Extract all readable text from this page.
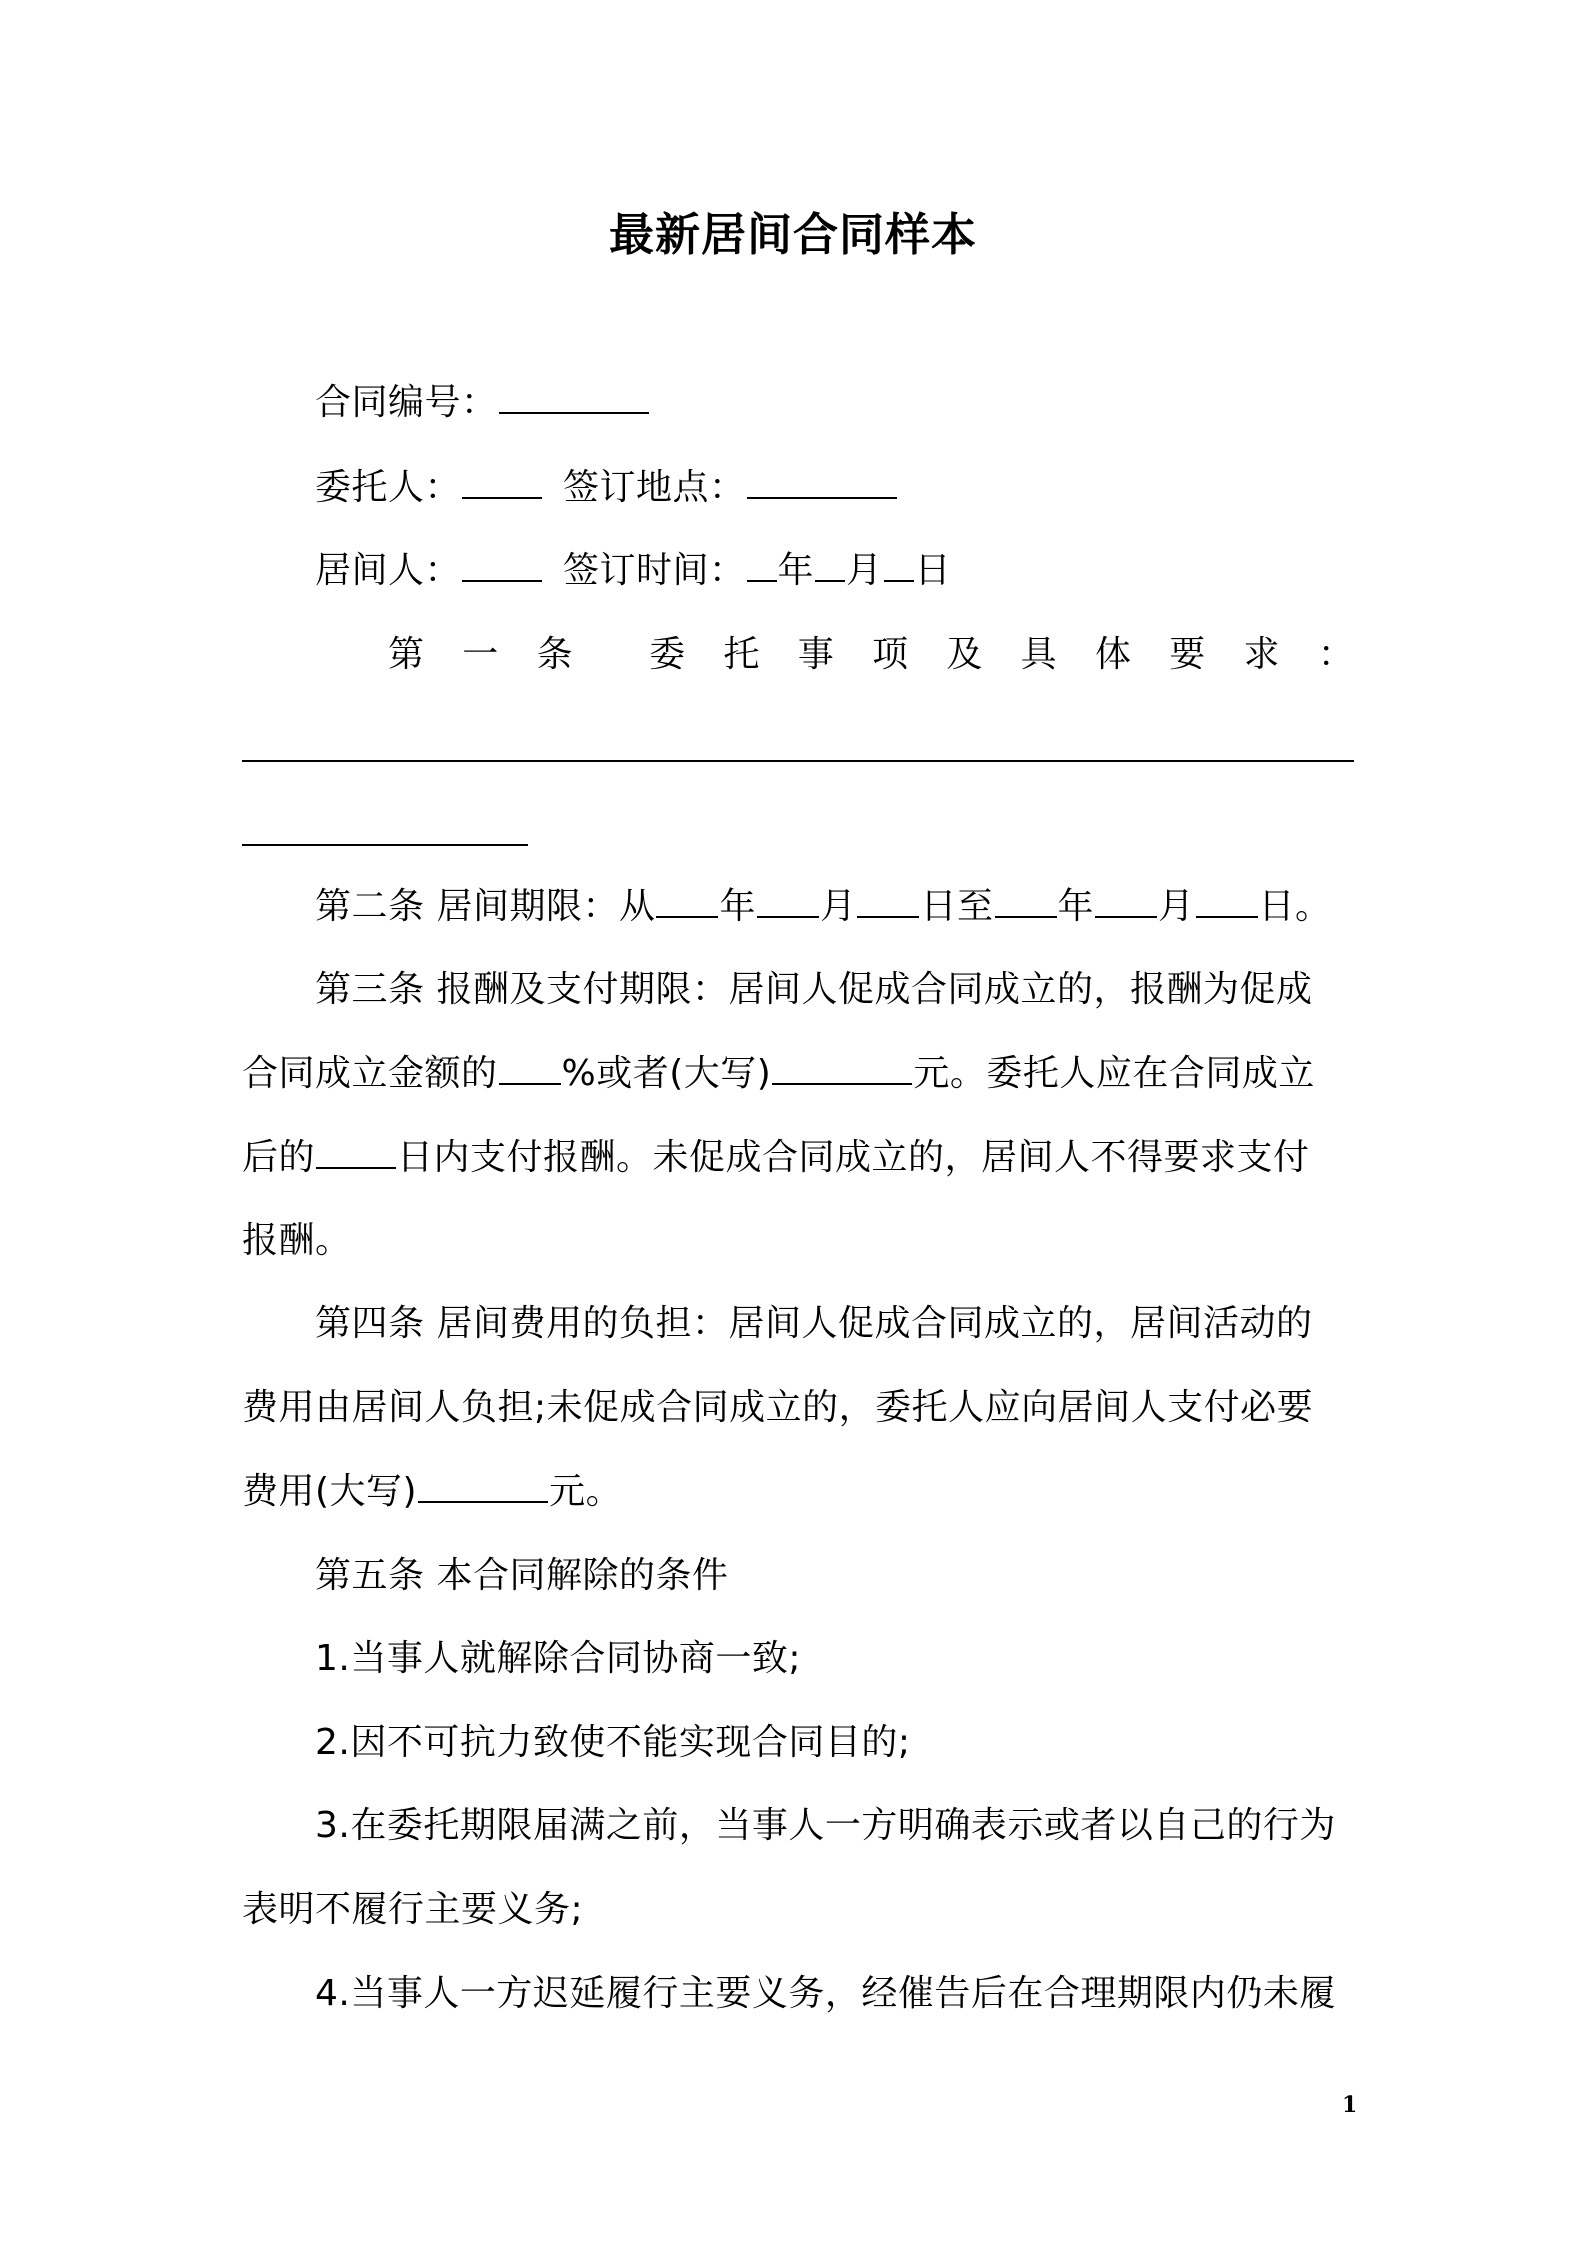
最新居间合同样本
合同编号：
委托人：	签订地点：
居间人：	签订时间： 年 月 日
第 一 条 委 托 事 项 及 具 体 要 求 ：
第二条 居间期限：从 年 月 日至 年 月 日。
第三条 报酬及支付期限：居间人促成合同成立的，报酬为促成
合同成立金额的 %或者(大写)	元。委托人应在合同成立
后的 日内支付报酬。未促成合同成立的，居间人不得要求支付
报酬。
第四条 居间费用的负担：居间人促成合同成立的，居间活动的
费用由居间人负担;未促成合同成立的，委托人应向居间人支付必要
费用(大写)	元。
第五条 本合同解除的条件
1.当事人就解除合同协商一致;
2.因不可抗力致使不能实现合同目的;
3.在委托期限届满之前，当事人一方明确表示或者以自己的行为
表明不履行主要义务;
4.当事人一方迟延履行主要义务，经催告后在合理期限内仍未履
1
